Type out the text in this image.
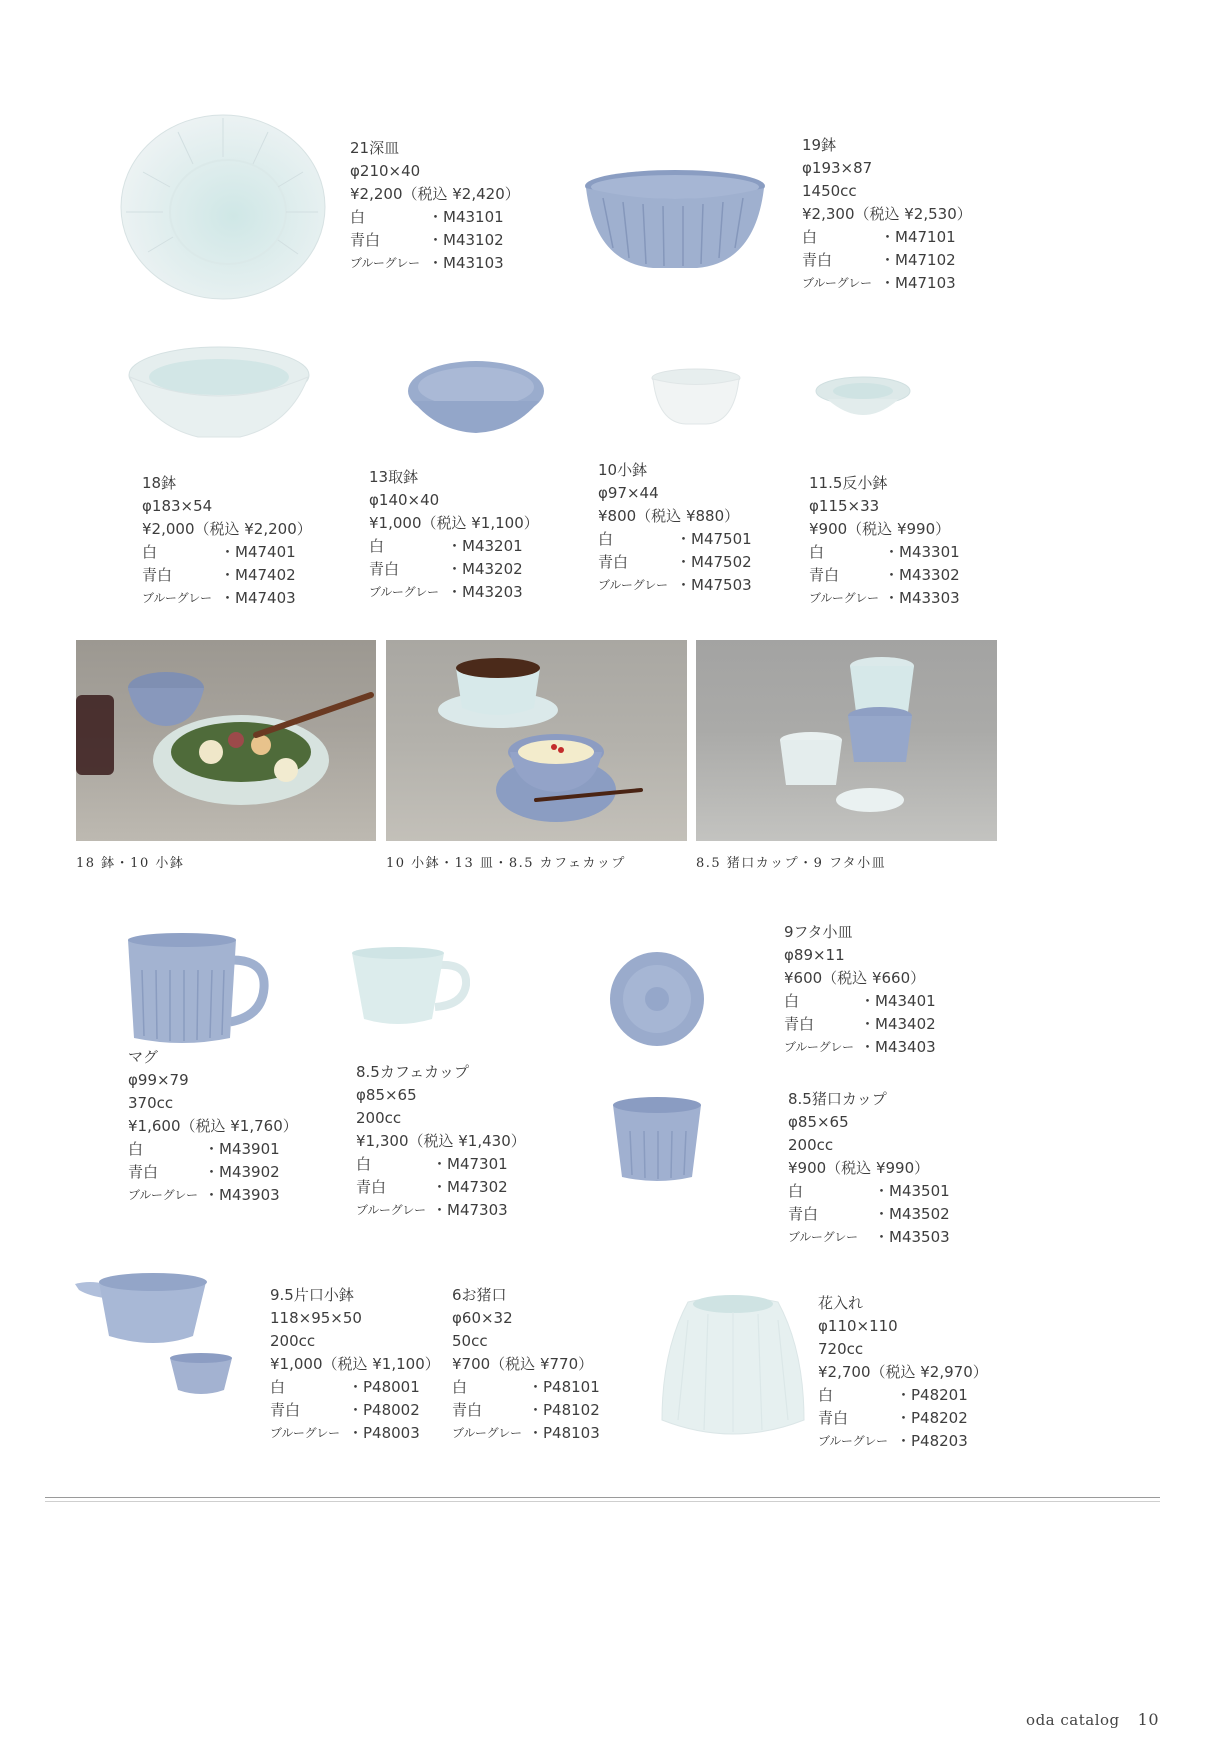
21深皿
φ210×40
¥2,200（税込 ¥2,420）
白	・M43101
青白	・M43102
ブルーグレー ・M43103
19鉢
φ193×87
1450cc
¥2,300（税込 ¥2,530）
白	・M47101
青白	・M47102
ブルーグレー ・M47103
18鉢
φ183×54
¥2,000（税込 ¥2,200）
白	・M47401
青白	・M47402
ブルーグレー ・M47403
13取鉢
φ140×40
¥1,000（税込 ¥1,100）
白	・M43201
青白	・M43202
ブルーグレー ・M43203
10小鉢
φ97×44
¥800（税込 ¥880）
白	・M47501
青白	・M47502
ブルーグレー ・M47503
11.5反小鉢
φ115×33
¥900（税込 ¥990）
白	・M43301
青白	・M43302
ブルーグレー ・M43303
18 鉢・10 小鉢	10 小鉢・13 皿・8.5 カフェカップ	8.5 猪口カップ・9 フタ小皿
9フタ小皿
φ89×11
¥600（税込 ¥660）
白	・M43401
青白	・M43402
ブルーグレー ・M43403
マグ
φ99×79
370cc
¥1,600（税込 ¥1,760）
白	・M43901
青白	・M43902
ブルーグレー ・M43903
8.5カフェカップ
φ85×65
200cc
¥1,300（税込 ¥1,430）
白	・M47301
青白	・M47302
ブルーグレー ・M47303
8.5猪口カップ
φ85×65
200cc
¥900（税込 ¥990）
白	・M43501
青白	・M43502
ブルーグレー	・M43503
9.5片口小鉢
118×95×50
200cc
¥1,000（税込 ¥1,100）
白	・P48001
青白	・P48002
ブルーグレー ・P48003
6お猪口
φ60×32
50cc
¥700（税込 ¥770）
白	・P48101
青白	・P48102
ブルーグレー ・P48103
花入れ
φ110×110
720cc
¥2,700（税込 ¥2,970）
白	・P48201
青白	・P48202
ブルーグレー ・P48203
oda catalog 10
